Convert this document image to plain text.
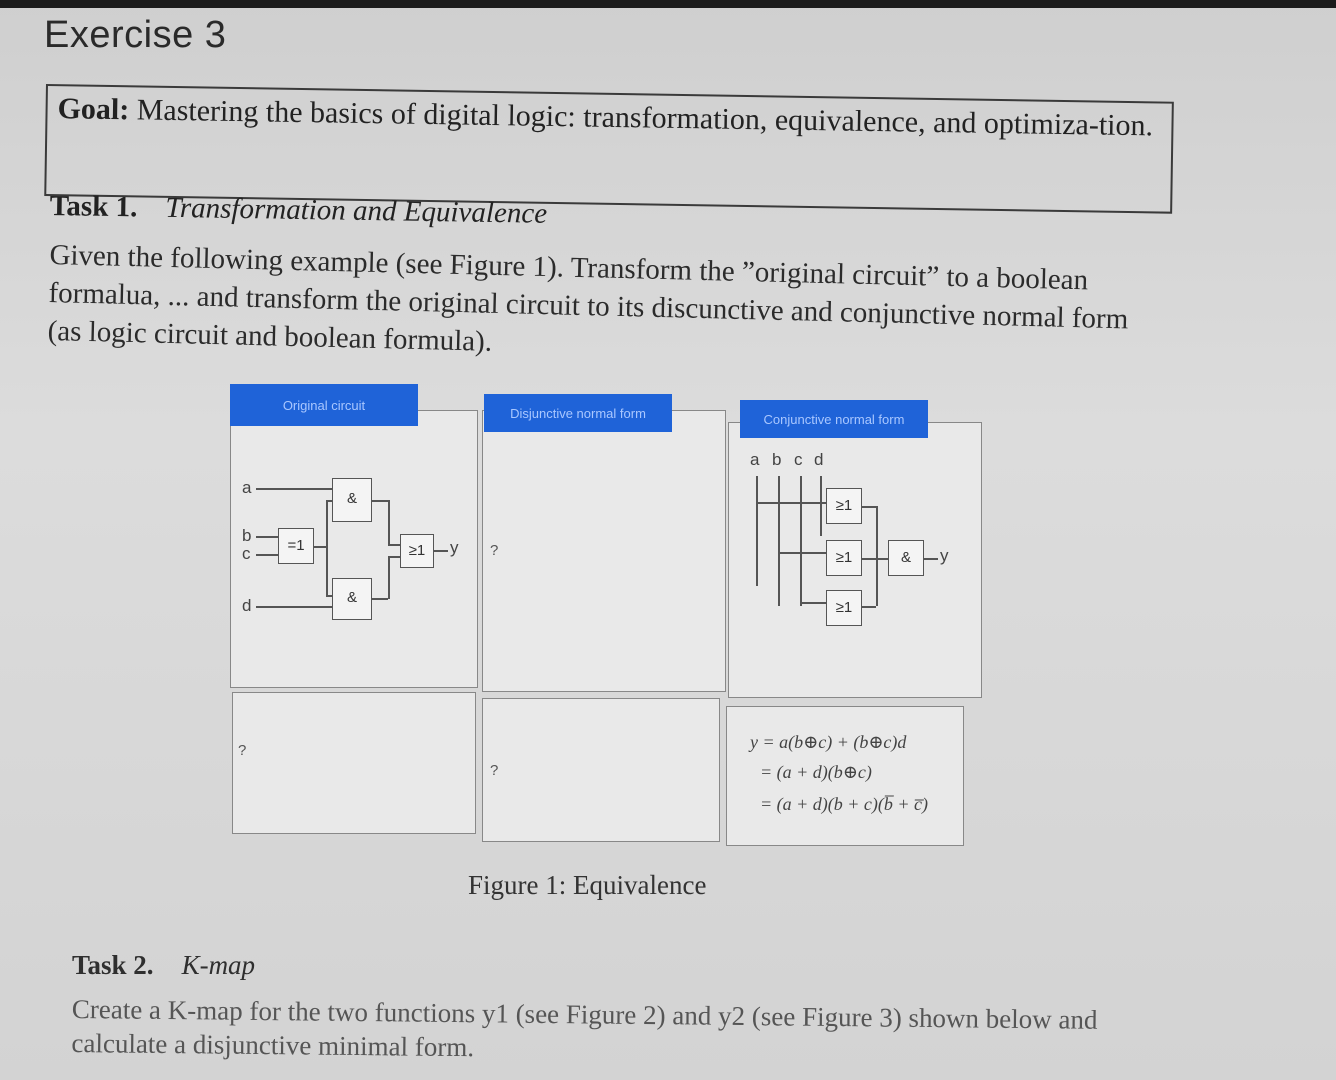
Exercise 3
Goal: Mastering the basics of digital logic: transformation, equivalence, and optimiza-tion.
Task 1. Transformation and Equivalence
Given the following example (see Figure 1). Transform the ”original circuit” to a boolean formalua, ... and transform the original circuit to its discunctive and conjunctive normal form (as logic circuit and boolean formula).
Original circuit
Disjunctive normal form	Conjunctive normal form
a
b
c
d
=1
&
&
≥1	y ?
a b c d
≥1
≥1
≥1
&	y
?
?
y = a(b⊕c) + (b⊕c)d
= (a + d)(b⊕c)
= (a + d)(b + c)(b̅ + c̅)
Figure 1: Equivalence
Task 2. K-map
Create a K-map for the two functions y1 (see Figure 2) and y2 (see Figure 3) shown below and calculate a disjunctive minimal form.
